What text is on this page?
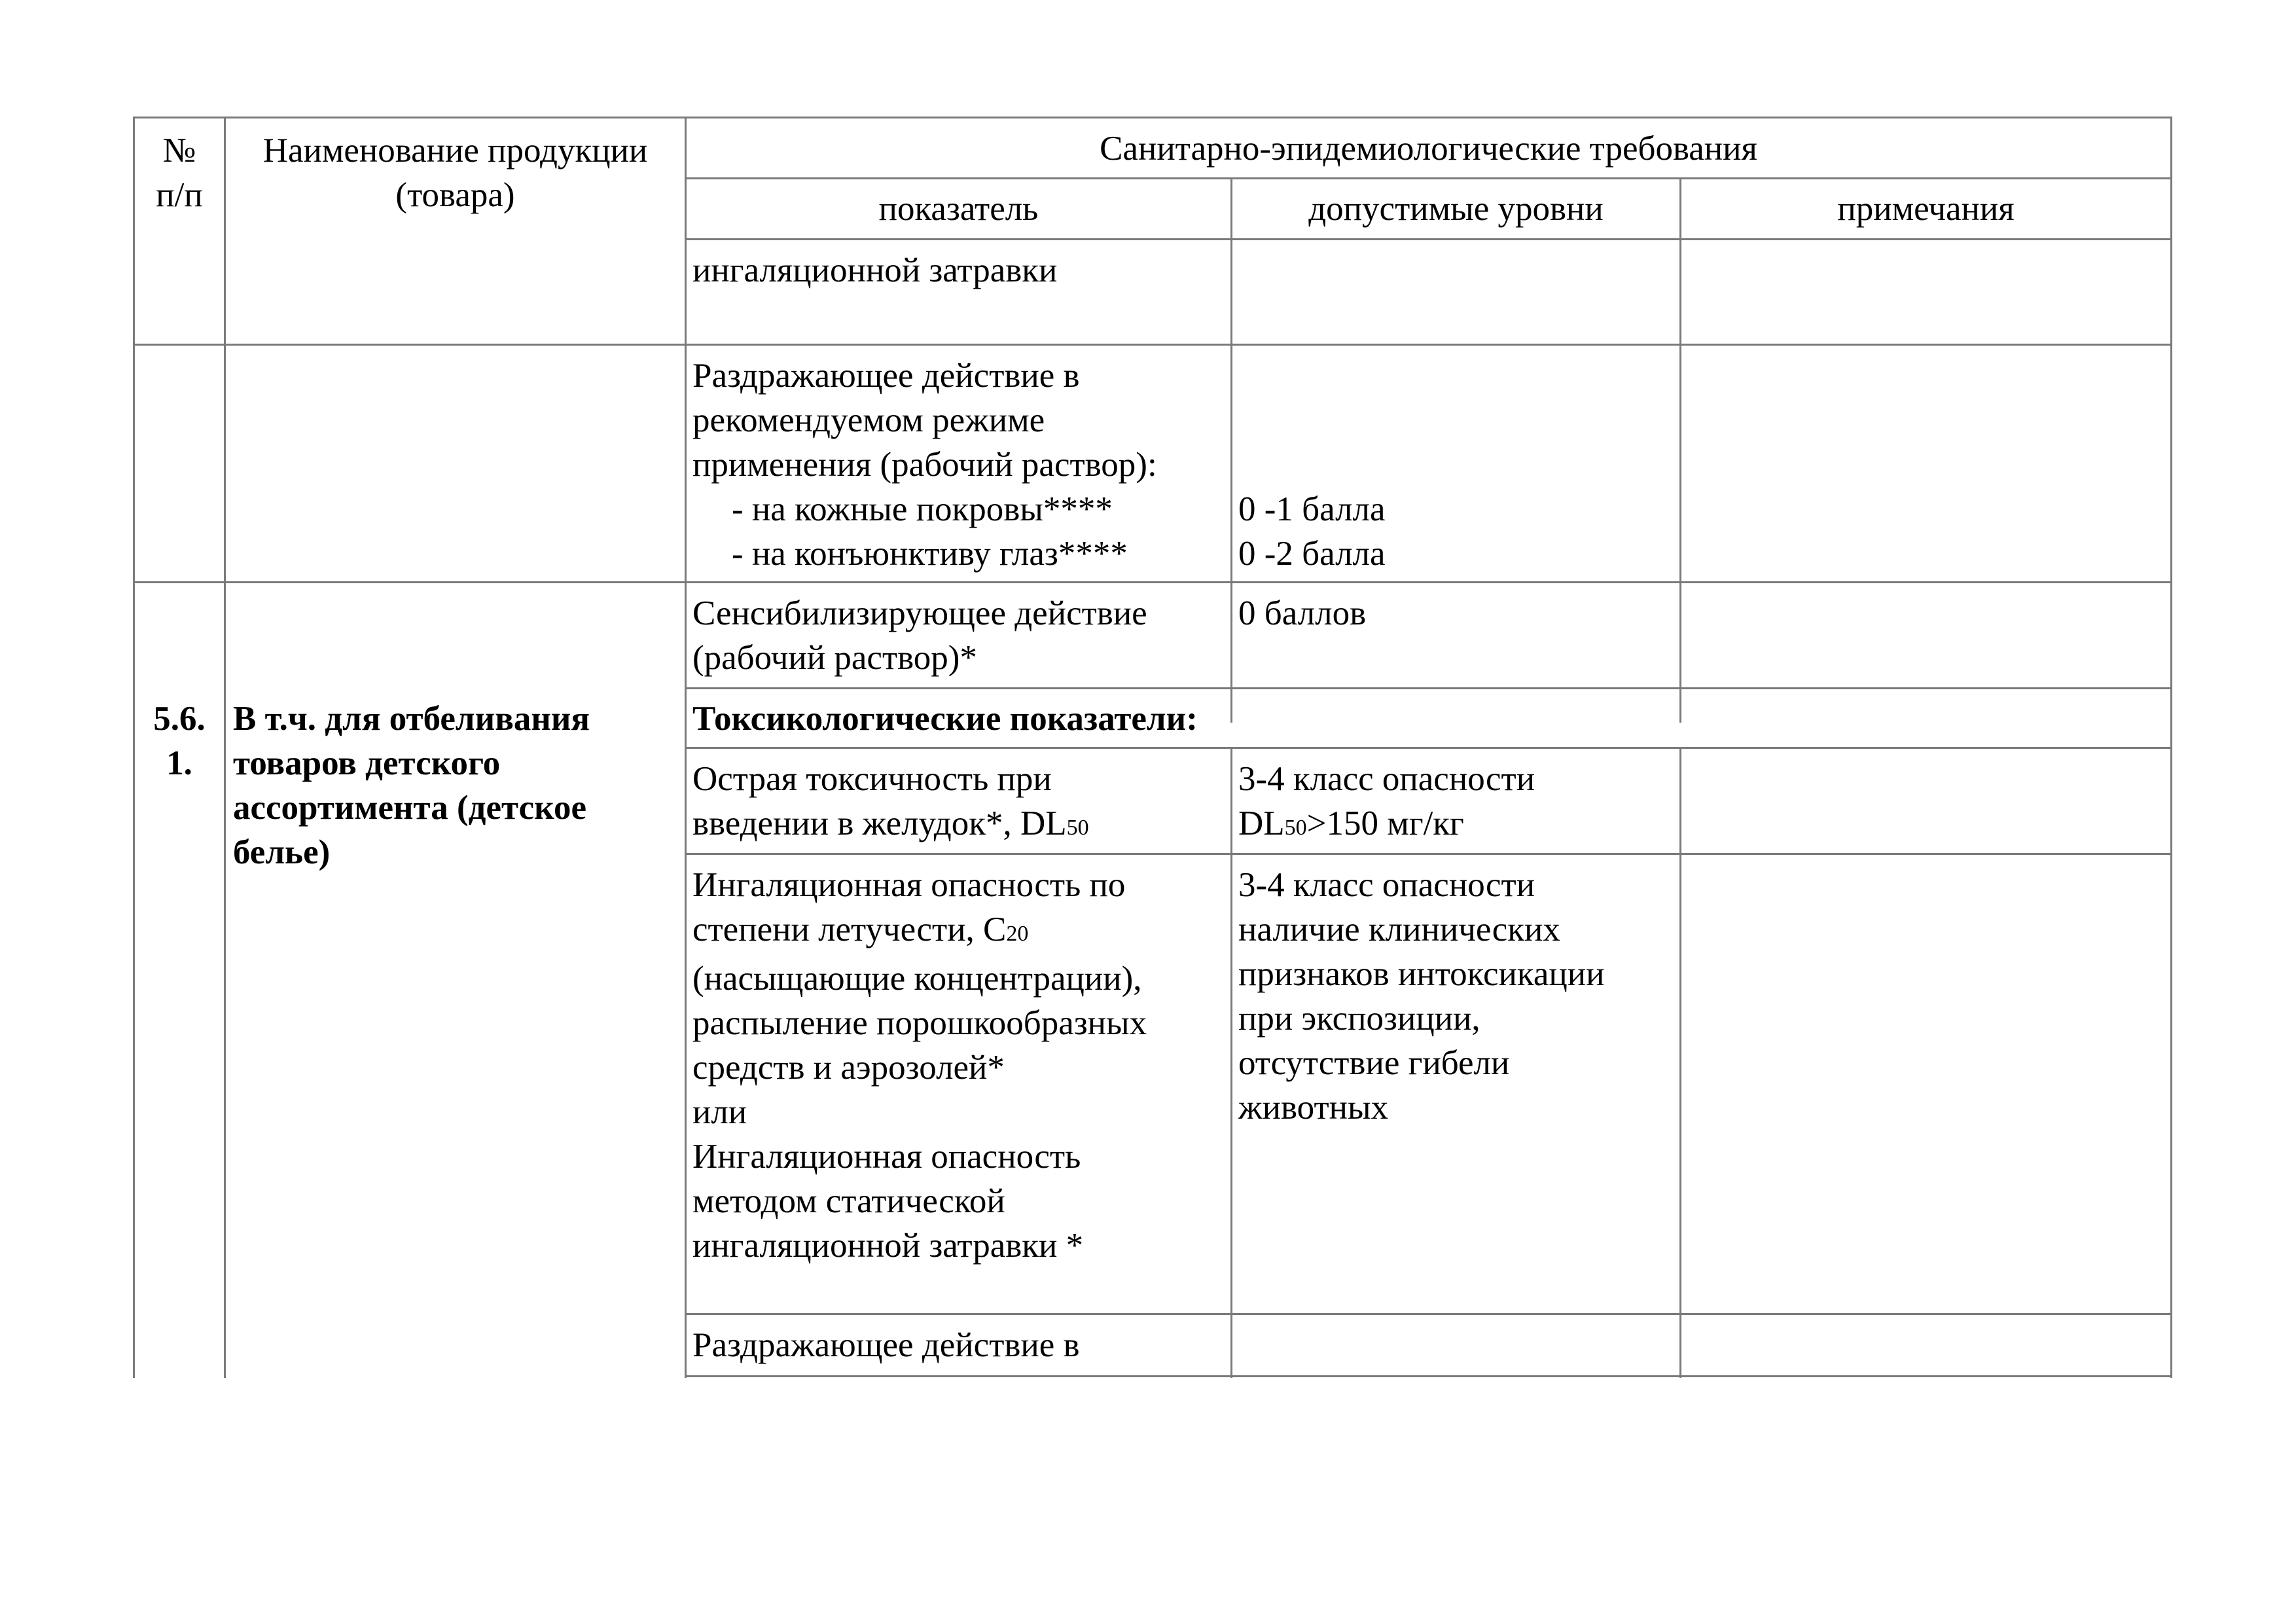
№
п/п
Наименование продукции
(товара)
Санитарно-эпидемиологические требования
показатель	допустимые уровни	примечания
ингаляционной затравки
Раздражающее действие в
рекомендуемом режиме
применения (рабочий раствор):
- на кожные покровы****
- на конъюнктиву глаз****
0 -1 балла
0 -2 балла
5.6.
1.
В т.ч. для отбеливания
товаров детского
ассортимента (детское
белье)
Сенсибилизирующее действие
(рабочий раствор)*
0 баллов
Токсикологические показатели:
Острая токсичность при
введении в желудок*, DL50
3-4 класс опасности
DL50>150 мг/кг
Ингаляционная опасность по
степени летучести, С20
(насыщающие концентрации),
распыление порошкообразных
средств и аэрозолей*
или
Ингаляционная опасность
методом статической
ингаляционной затравки *
3-4 класс опасности
наличие клинических
признаков интоксикации
при экспозиции,
отсутствие гибели
животных
Раздражающее действие в
